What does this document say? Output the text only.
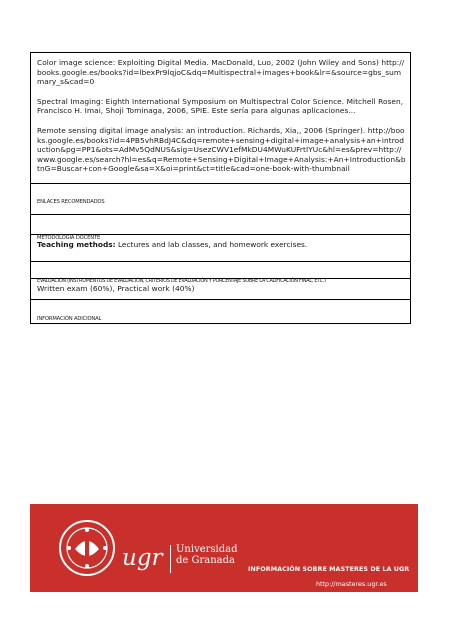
Color image science: Exploiting Digital Media. MacDonald, Luo, 2002 (John Wiley and Sons) http://books.google.es/books?id=lbexPr9lqjoC&dq=Multispectral+images+book&lr=&source=gbs_summary_s&cad=0

Spectral Imaging: Eighth International Symposium on Multispectral Color Science. Mitchell Rosen, Francisco H. Imai, Shoji Tominaga, 2006, SPIE. Este sería para algunas aplicaciones...

Remote sensing digital image analysis: an introduction. Richards, Xia,, 2006 (Springer). http://books.google.es/books?id=4PB5vhRBdJ4C&dq=remote+sensing+digital+image+analysis+an+introduction&pg=PP1&ots=AdMv5QdNUS&sig=UsezCWV1efMkDU4MWuKUFrtIYUc&hl=es&prev=http://www.google.es/search?hl=es&q=Remote+Sensing+Digital+Image+Analysis:+An+Introduction&btnG=Buscar+con+Google&sa=X&oi=print&ct=title&cad=one-book-with-thumbnail

ENLACES RECOMENDADOS
METODOLOGÍA DOCENTE
Teaching methods: Lectures and lab classes, and homework exercises.
EVALUACIÓN (INSTRUMENTOS DE EVALUACIÓN, CRITERIOS DE EVALUACIÓN Y PORCENTAJE SOBRE LA CALIFICACIÓN FINAL, ETC.)
Written exam (60%), Practical work (40%)
INFORMACIÓN ADICIONAL
ugr Universidad
de Granada
INFORMACIÓN SOBRE MASTERES DE LA UGR
http://masteres.ugr.es
